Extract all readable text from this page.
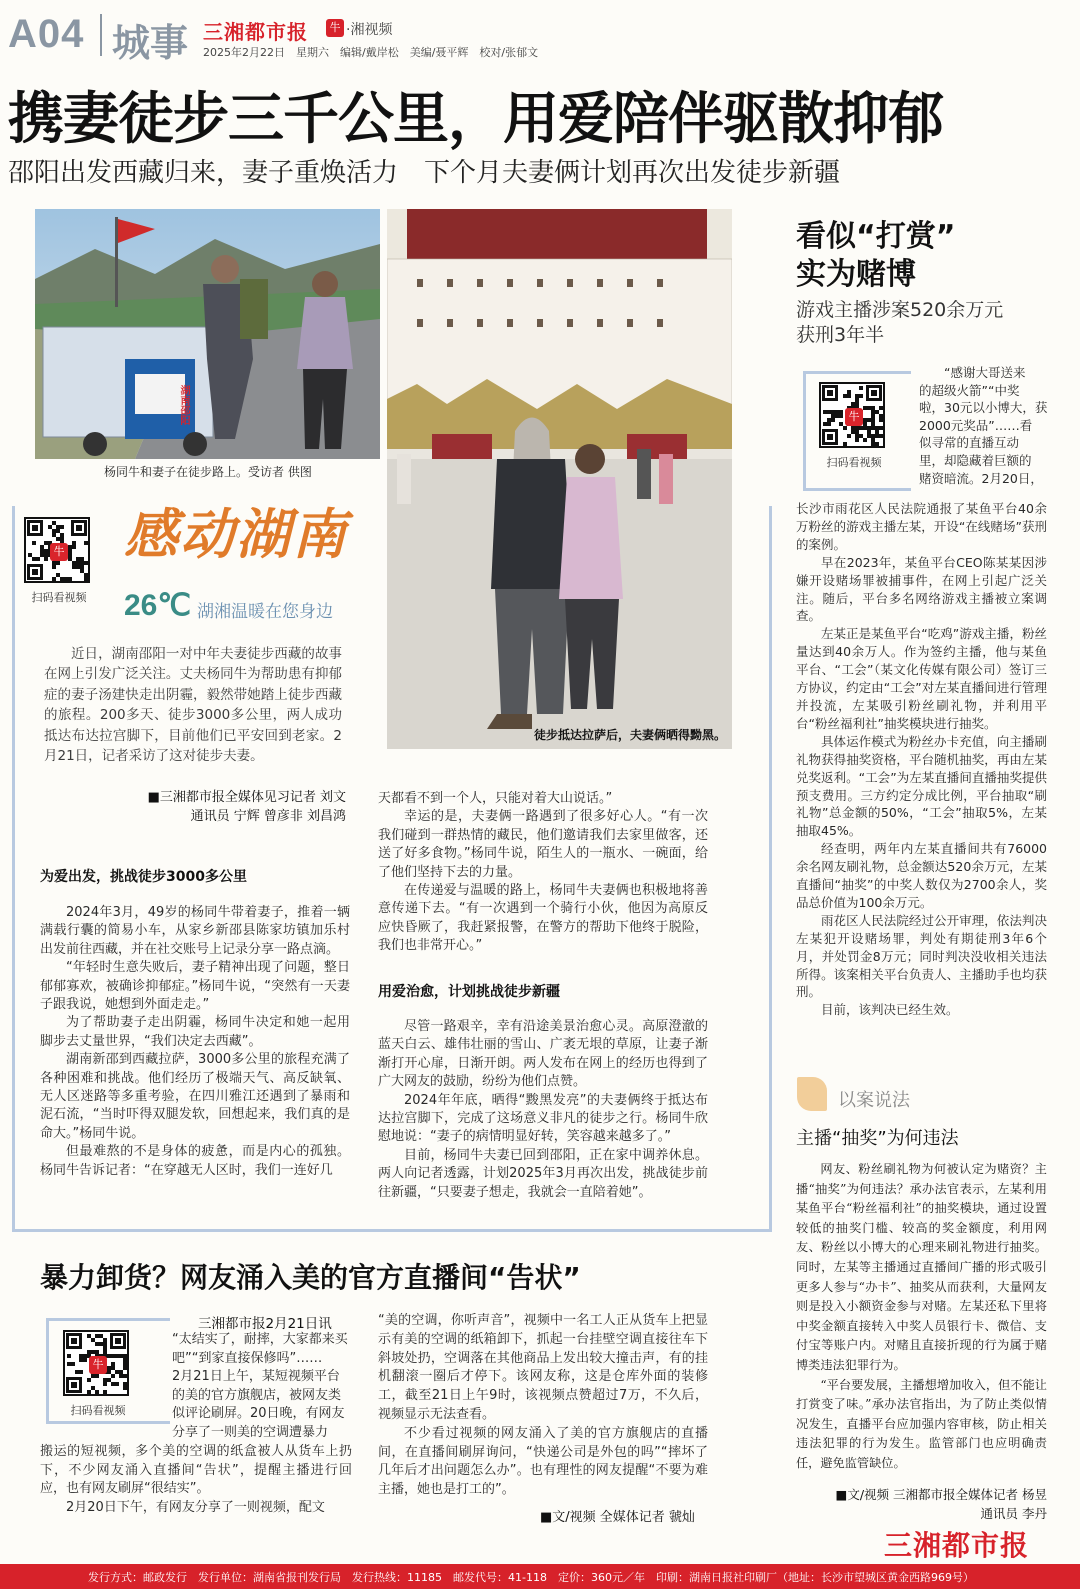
A04 城事 三湘都市报	牛 ·湘视频
2025年2月22日　星期六　编辑/戴岸松　美编/聂平辉　校对/张郁文
携妻徒步三千公里，用爱陪伴驱散抑郁
邵阳出发西藏归来，妻子重焕活力　下个月夫妻俩计划再次出发徒步新疆
湖南邵阳
杨同牛和妻子在徒步路上。受访者 供图
徒步抵达拉萨后，夫妻俩晒得黝黑。
牛
扫码看视频
感动湖南
26℃ 湖湘温暖在您身边

近日，湖南邵阳一对中年夫妻徒步西藏的故事在网上引发广泛关注。丈夫杨同牛为帮助患有抑郁症的妻子汤建快走出阴霾，毅然带她踏上徒步西藏的旅程。200多天、徒步3000多公里，两人成功抵达布达拉宫脚下，目前他们已平安回到老家。2月21日，记者采访了这对徒步夫妻。

■三湘都市报全媒体见习记者 刘文
通讯员 宁辉 曾彦非 刘昌鸿
为爱出发，挑战徒步3000多公里

2024年3月，49岁的杨同牛带着妻子，推着一辆满载行囊的简易小车，从家乡新邵县陈家坊镇加乐村出发前往西藏，并在社交账号上记录分享一路点滴。

“年轻时生意失败后，妻子精神出现了问题，整日郁郁寡欢，被确诊抑郁症。”杨同牛说，“突然有一天妻子跟我说，她想到外面走走。”

为了帮助妻子走出阴霾，杨同牛决定和她一起用脚步去丈量世界，“我们决定去西藏”。

湖南新邵到西藏拉萨，3000多公里的旅程充满了各种困难和挑战。他们经历了极端天气、高反缺氧、无人区迷路等多重考验，在四川雅江还遇到了暴雨和泥石流，“当时吓得双腿发软，回想起来，我们真的是命大。”杨同牛说。

但最难熬的不是身体的疲惫，而是内心的孤独。杨同牛告诉记者：“在穿越无人区时，我们一连好几

天都看不到一个人，只能对着大山说话。”

幸运的是，夫妻俩一路遇到了很多好心人。“有一次我们碰到一群热情的藏民，他们邀请我们去家里做客，还送了好多食物。”杨同牛说，陌生人的一瓶水、一碗面，给了他们坚持下去的力量。

在传递爱与温暖的路上，杨同牛夫妻俩也积极地将善意传递下去。“有一次遇到一个骑行小伙，他因为高原反应快昏厥了，我赶紧报警，在警方的帮助下他终于脱险，我们也非常开心。”

用爱治愈，计划挑战徒步新疆

尽管一路艰辛，幸有沿途美景治愈心灵。高原澄澈的蓝天白云、雄伟壮丽的雪山、广袤无垠的草原，让妻子渐渐打开心扉，日渐开朗。两人发布在网上的经历也得到了广大网友的鼓励，纷纷为他们点赞。

2024年年底，晒得“黢黑发亮”的夫妻俩终于抵达布达拉宫脚下，完成了这场意义非凡的徒步之行。杨同牛欣慰地说：“妻子的病情明显好转，笑容越来越多了。”

目前，杨同牛夫妻已回到邵阳，正在家中调养休息。两人向记者透露，计划2025年3月再次出发，挑战徒步前往新疆，“只要妻子想走，我就会一直陪着她”。

看似“打赏”
实为赌博
游戏主播涉案520余万元
获刑3年半
牛
扫码看视频
“感谢大哥送来
的超级火箭”“中奖
啦，30元以小博大，获
2000元奖品”……看
似寻常的直播互动
里，却隐藏着巨额的
赌资暗流。2月20日，

长沙市雨花区人民法院通报了某鱼平台40余万粉丝的游戏主播左某，开设“在线赌场”获刑的案例。

早在2023年，某鱼平台CEO陈某某因涉嫌开设赌场罪被捕事件，在网上引起广泛关注。随后，平台多名网络游戏主播被立案调查。

左某正是某鱼平台“吃鸡”游戏主播，粉丝量达到40余万人。作为签约主播，他与某鱼平台、“工会”（某文化传媒有限公司）签订三方协议，约定由“工会”对左某直播间进行管理并投流，左某吸引粉丝刷礼物，并利用平台“粉丝福利社”抽奖模块进行抽奖。

具体运作模式为粉丝办卡充值，向主播刷礼物获得抽奖资格，平台随机抽奖，再由左某兑奖返利。“工会”为左某直播间直播抽奖提供预支费用。三方约定分成比例，平台抽取“刷礼物”总金额的50%，“工会”抽取5%，左某抽取45%。

经查明，两年内左某直播间共有76000余名网友刷礼物，总金额达520余万元，左某直播间“抽奖”的中奖人数仅为2700余人，奖品总价值为100余万元。

雨花区人民法院经过公开审理，依法判决左某犯开设赌场罪，判处有期徒刑3年6个月，并处罚金8万元；同时判决没收相关违法所得。该案相关平台负责人、主播助手也均获刑。

目前，该判决已经生效。

以案说法
主播“抽奖”为何违法

网友、粉丝刷礼物为何被认定为赌资？主播“抽奖”为何违法？承办法官表示，左某利用某鱼平台“粉丝福利社”的抽奖模块，通过设置较低的抽奖门槛、较高的奖金额度，利用网友、粉丝以小博大的心理来刷礼物进行抽奖。同时，左某等主播通过直播间广播的形式吸引更多人参与“办卡”、抽奖从而获利，大量网友则是投入小额资金参与对赌。左某还私下里将中奖金额直接转入中奖人员银行卡、微信、支付宝等账户内。对赌且直接折现的行为属于赌博类违法犯罪行为。

“平台要发展，主播想增加收入，但不能让打赏变了味。”承办法官指出，为了防止类似情况发生，直播平台应加强内容审核，防止相关违法犯罪的行为发生。监管部门也应明确责任，避免监管缺位。

■文/视频 三湘都市报全媒体记者 杨昱
通讯员 李丹
暴力卸货？网友涌入美的官方直播间“告状”
牛
扫码看视频
三湘都市报2月21日讯
“太结实了，耐摔，大家都来买
吧”“到家直接保修吗”……
2月21日上午，某短视频平台
的美的官方旗舰店，被网友类
似评论刷屏。20日晚，有网友
分享了一则美的空调遭暴力

搬运的短视频，多个美的空调的纸盒被人从货车上扔下，不少网友涌入直播间“告状”，提醒主播进行回应，也有网友刷屏“很结实”。

2月20日下午，有网友分享了一则视频，配文

“美的空调，你听声音”，视频中一名工人正从货车上把显示有美的空调的纸箱卸下，抓起一台挂壁空调直接往车下斜坡处扔，空调落在其他商品上发出较大撞击声，有的挂机翻滚一圈后才停下。该网友称，这是仓库外面的装修工，截至21日上午9时，该视频点赞超过7万，不久后，视频显示无法查看。

不少看过视频的网友涌入了美的官方旗舰店的直播间，在直播间刷屏询问，“快递公司是外包的吗”“摔坏了几年后才出问题怎么办”。也有理性的网友提醒“不要为难主播，她也是打工的”。

■文/视频 全媒体记者 虢灿
三湘都市报
发行方式：邮政发行　发行单位：湖南省报刊发行局　发行热线：11185　邮发代号：41-118　定价：360元／年　印刷：湖南日报社印刷厂（地址：长沙市望城区黄金西路969号）
